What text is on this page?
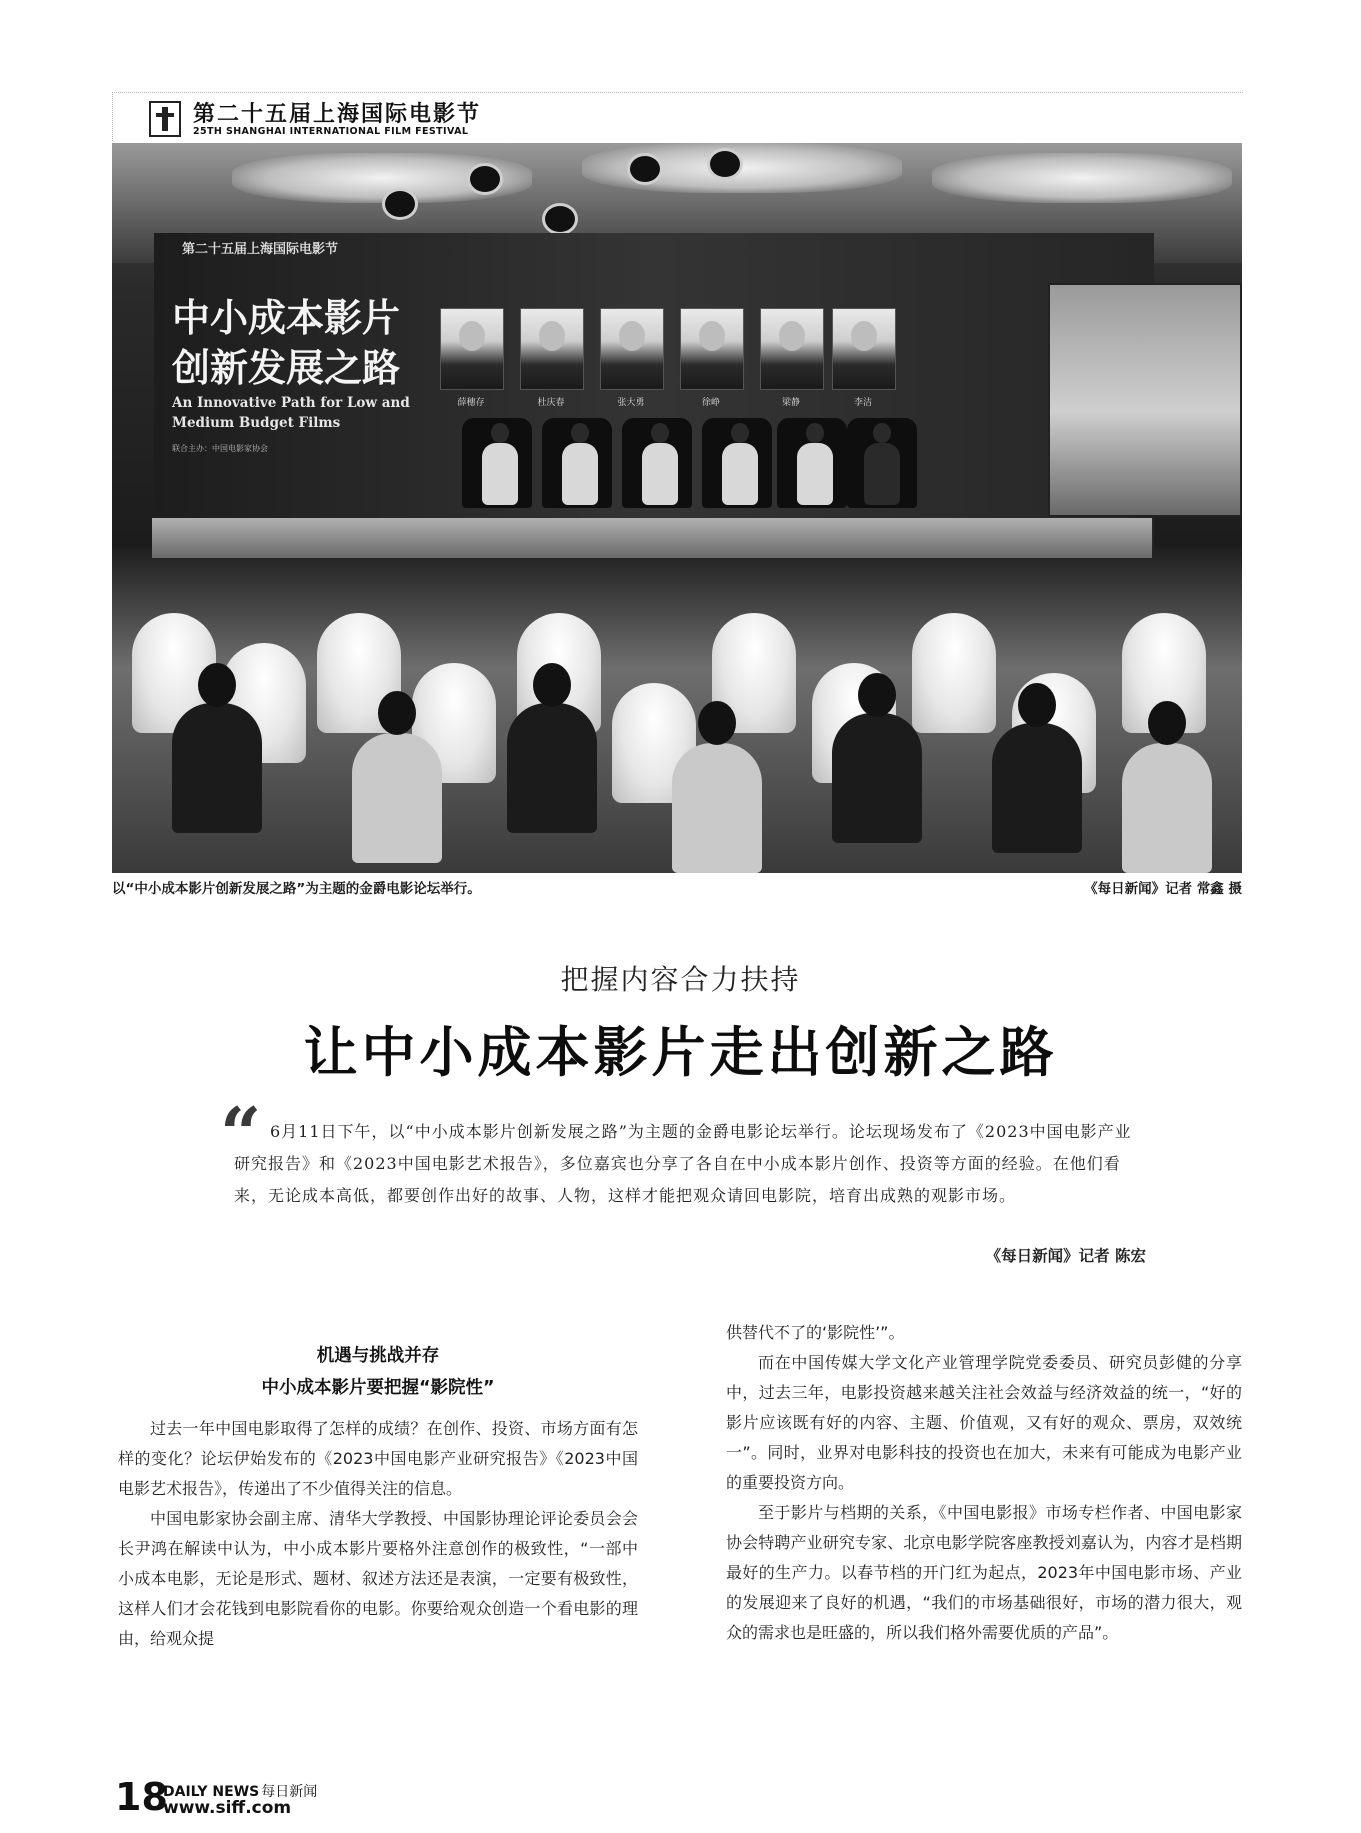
第二十五届上海国际电影节
25TH SHANGHAI INTERNATIONAL FILM FESTIVAL
第二十五届上海国际电影节
中小成本影片创新发展之路
An Innovative Path for Low and Medium Budget Films
联合主办：中国电影家协会
薛穗存	杜庆春	张大勇	徐峥	梁静	李洁
以“中小成本影片创新发展之路”为主题的金爵电影论坛举行。	《每日新闻》记者 常鑫 摄
把握内容合力扶持
让中小成本影片走出创新之路
“ 6月11日下午，以“中小成本影片创新发展之路”为主题的金爵电影论坛举行。论坛现场发布了《2023中国电影产业研究报告》和《2023中国电影艺术报告》，多位嘉宾也分享了各自在中小成本影片创作、投资等方面的经验。在他们看来，无论成本高低，都要创作出好的故事、人物，这样才能把观众请回电影院，培育出成熟的观影市场。

《每日新闻》记者 陈宏
机遇与挑战并存
中小成本影片要把握“影院性”

过去一年中国电影取得了怎样的成绩？在创作、投资、市场方面有怎样的变化？论坛伊始发布的《2023中国电影产业研究报告》《2023中国电影艺术报告》，传递出了不少值得关注的信息。

中国电影家协会副主席、清华大学教授、中国影协理论评论委员会会长尹鸿在解读中认为，中小成本影片要格外注意创作的极致性，“一部中小成本电影，无论是形式、题材、叙述方法还是表演，一定要有极致性，这样人们才会花钱到电影院看你的电影。你要给观众创造一个看电影的理由，给观众提

供替代不了的‘影院性’”。

而在中国传媒大学文化产业管理学院党委委员、研究员彭健的分享中，过去三年，电影投资越来越关注社会效益与经济效益的统一，“好的影片应该既有好的内容、主题、价值观，又有好的观众、票房，双效统一”。同时，业界对电影科技的投资也在加大，未来有可能成为电影产业的重要投资方向。

至于影片与档期的关系，《中国电影报》市场专栏作者、中国电影家协会特聘产业研究专家、北京电影学院客座教授刘嘉认为，内容才是档期最好的生产力。以春节档的开门红为起点，2023年中国电影市场、产业的发展迎来了良好的机遇，“我们的市场基础很好，市场的潜力很大，观众的需求也是旺盛的，所以我们格外需要优质的产品”。

18
DAILY NEWS 每日新闻
www.siff.com
